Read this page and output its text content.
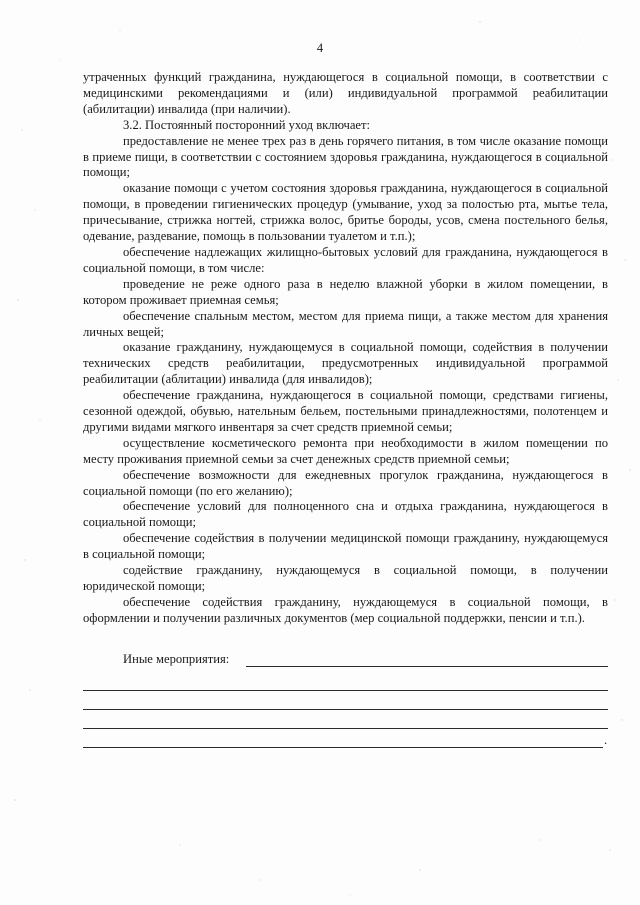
4

утраченных функций гражданина, нуждающегося в социальной помощи, в соответствии с медицинскими рекомендациями и (или) индивидуальной программой реабилитации (абилитации) инвалида (при наличии).

3.2. Постоянный посторонний уход включает:

предоставление не менее трех раз в день горячего питания, в том числе оказание помощи в приеме пищи, в соответствии с состоянием здоровья гражданина, нуждающегося в социальной помощи;

оказание помощи с учетом состояния здоровья гражданина, нуждающегося в социальной помощи, в проведении гигиенических процедур (умывание, уход за полостью рта, мытье тела, причесывание, стрижка ногтей, стрижка волос, бритье бороды, усов, смена постельного белья, одевание, раздевание, помощь в пользовании туалетом и т.п.);

обеспечение надлежащих жилищно-бытовых условий для гражданина, нуждающегося в социальной помощи, в том числе:

проведение не реже одного раза в неделю влажной уборки в жилом помещении, в котором проживает приемная семья;

обеспечение спальным местом, местом для приема пищи, а также местом для хранения личных вещей;

оказание гражданину, нуждающемуся в социальной помощи, содействия в получении технических средств реабилитации, предусмотренных индивидуальной программой реабилитации (аблитации) инвалида (для инвалидов);

обеспечение гражданина, нуждающегося в социальной помощи, средствами гигиены, сезонной одеждой, обувью, нательным бельем, постельными принадлежностями, полотенцем и другими видами мягкого инвентаря за счет средств приемной семьи;

осуществление косметического ремонта при необходимости в жилом помещении по месту проживания приемной семьи за счет денежных средств приемной семьи;

обеспечение возможности для ежедневных прогулок гражданина, нуждающегося в социальной помощи (по его желанию);

обеспечение условий для полноценного сна и отдыха гражданина, нуждающегося в социальной помощи;

обеспечение содействия в получении медицинской помощи гражданину, нуждающемуся в социальной помощи;

содействие гражданину, нуждающемуся в социальной помощи, в получении юридической помощи;

обеспечение содействия гражданину, нуждающемуся в социальной помощи, в оформлении и получении различных документов (мер социальной поддержки, пенсии и т.п.).

Иные мероприятия:
.
